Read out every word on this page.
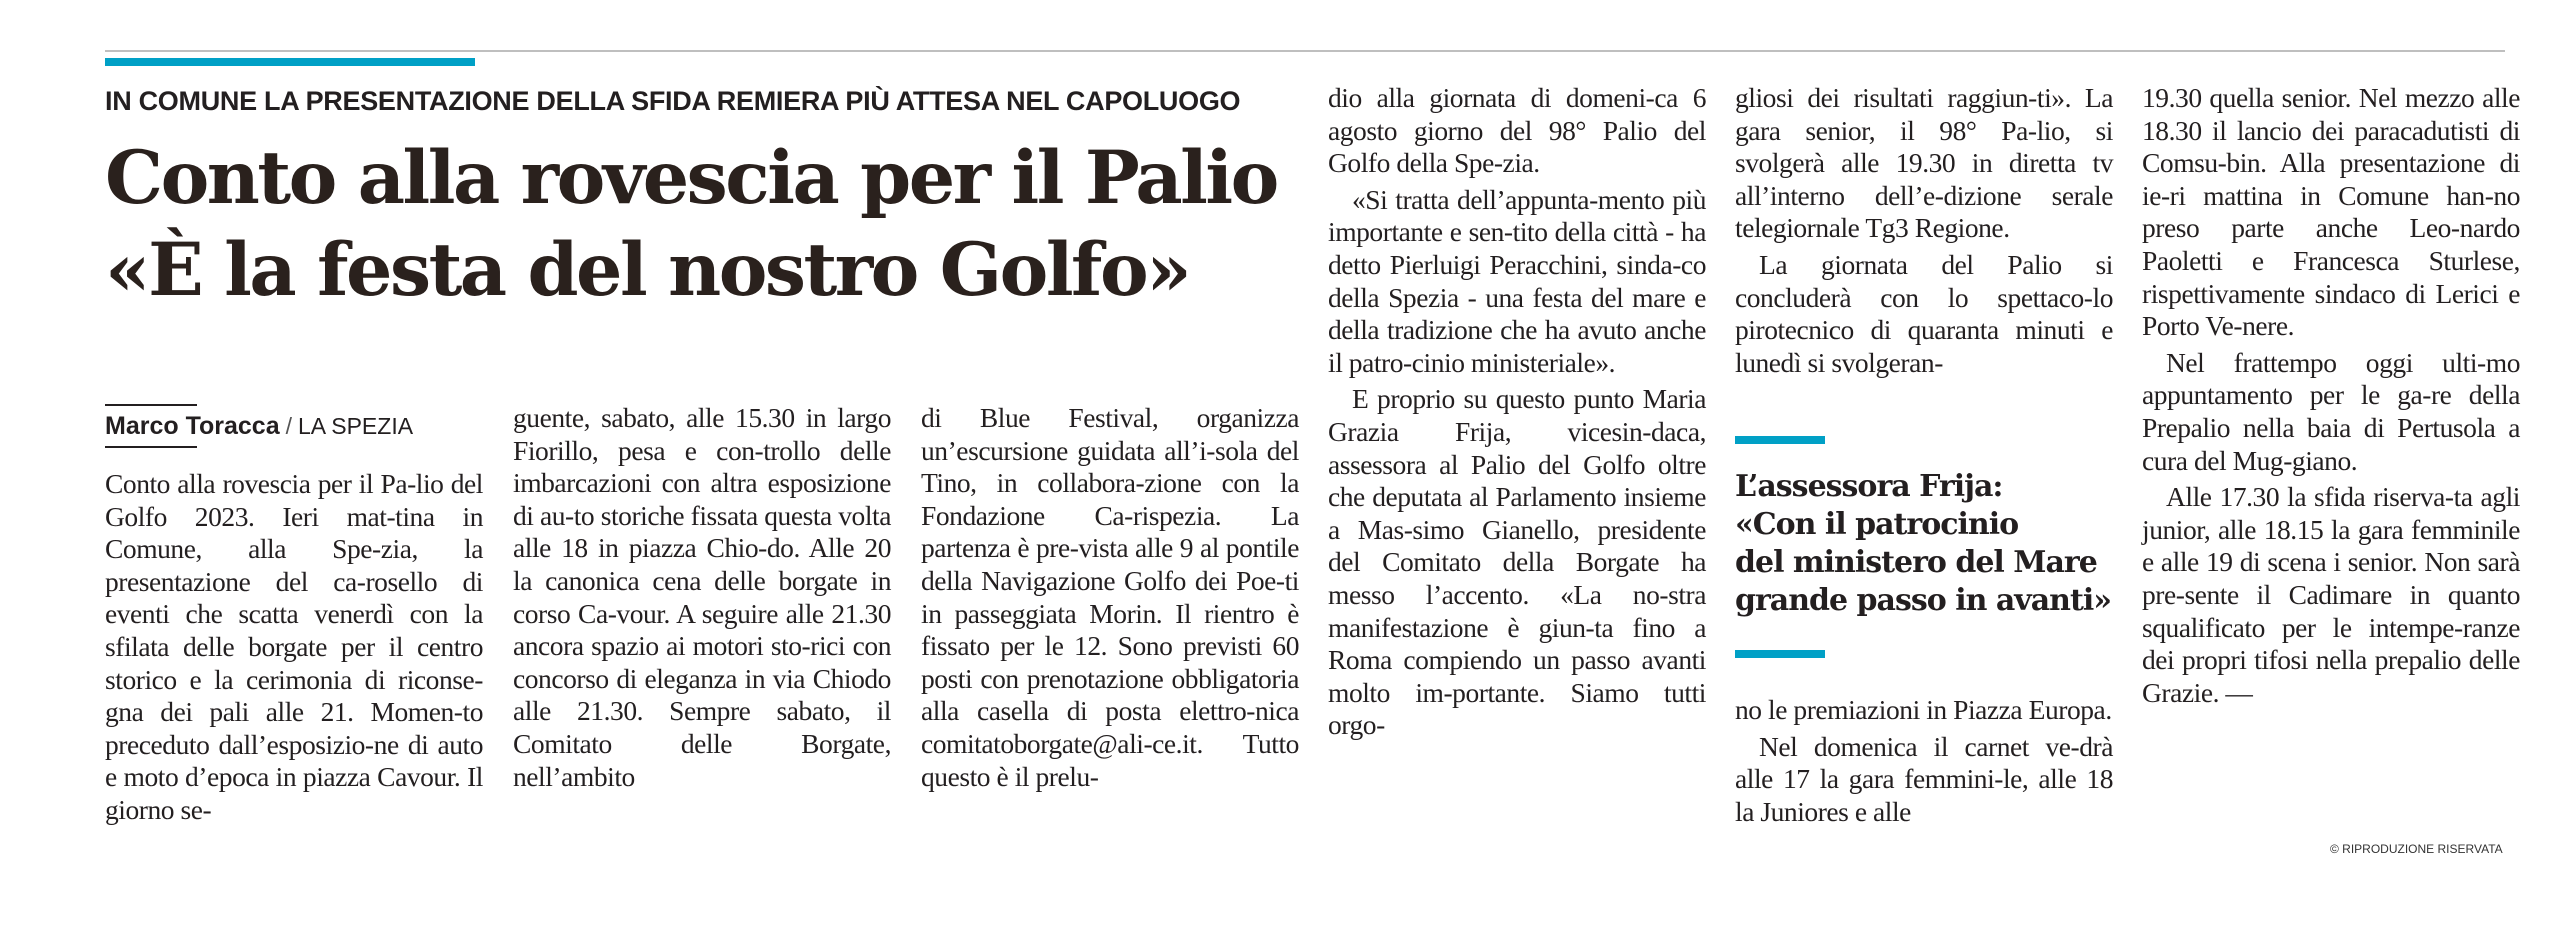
IN COMUNE LA PRESENTAZIONE DELLA SFIDA REMIERA PIÙ ATTESA NEL CAPOLUOGO
Conto alla rovescia per il Palio
«È la festa del nostro Golfo»
Marco Toracca / LA SPEZIA

Conto alla rovescia per il Pa-lio del Golfo 2023. Ieri mat-tina in Comune, alla Spe-zia, la presentazione del ca-rosello di eventi che scatta venerdì con la sfilata delle borgate per il centro storico e la cerimonia di riconse-gna dei pali alle 21. Momen-to preceduto dall’esposizio-ne di auto e moto d’epoca in piazza Cavour. Il giorno se-

guente, sabato, alle 15.30 in largo Fiorillo, pesa e con-trollo delle imbarcazioni con altra esposizione di au-to storiche fissata questa volta alle 18 in piazza Chio-do. Alle 20 la canonica cena delle borgate in corso Ca-vour. A seguire alle 21.30 ancora spazio ai motori sto-rici con concorso di eleganza in via Chiodo alle 21.30. Sempre sabato, il Comitato delle Borgate, nell’ambito

di Blue Festival, organizza un’escursione guidata all’i-sola del Tino, in collabora-zione con la Fondazione Ca-rispezia. La partenza è pre-vista alle 9 al pontile della Navigazione Golfo dei Poe-ti in passeggiata Morin. Il rientro è fissato per le 12. Sono previsti 60 posti con prenotazione obbligatoria alla casella di posta elettro-nica comitatoborgate@ali-ce.it. Tutto questo è il prelu-

dio alla giornata di domeni-ca 6 agosto giorno del 98° Palio del Golfo della Spe-zia.

«Si tratta dell’appunta-mento più importante e sen-tito della città - ha detto Pierluigi Peracchini, sinda-co della Spezia - una festa del mare e della tradizione che ha avuto anche il patro-cinio ministeriale».

E proprio su questo punto Maria Grazia Frija, vicesin-daca, assessora al Palio del Golfo oltre che deputata al Parlamento insieme a Mas-simo Gianello, presidente del Comitato della Borgate ha messo l’accento. «La no-stra manifestazione è giun-ta fino a Roma compiendo un passo avanti molto im-portante. Siamo tutti orgo-

gliosi dei risultati raggiun-ti». La gara senior, il 98° Pa-lio, si svolgerà alle 19.30 in diretta tv all’interno dell’e-dizione serale telegiornale Tg3 Regione.

La giornata del Palio si concluderà con lo spettaco-lo pirotecnico di quaranta minuti e lunedì si svolgeran-

L’assessora Frija:
«Con il patrocinio
del ministero del Mare
grande passo in avanti»

no le premiazioni in Piazza Europa.

Nel domenica il carnet ve-drà alle 17 la gara femmini-le, alle 18 la Juniores e alle

19.30 quella senior. Nel mezzo alle 18.30 il lancio dei paracadutisti di Comsu-bin. Alla presentazione di ie-ri mattina in Comune han-no preso parte anche Leo-nardo Paoletti e Francesca Sturlese, rispettivamente sindaco di Lerici e Porto Ve-nere.

Nel frattempo oggi ulti-mo appuntamento per le ga-re della Prepalio nella baia di Pertusola a cura del Mug-giano.

Alle 17.30 la sfida riserva-ta agli junior, alle 18.15 la gara femminile e alle 19 di scena i senior. Non sarà pre-sente il Cadimare in quanto squalificato per le intempe-ranze dei propri tifosi nella prepalio delle Grazie. —

© RIPRODUZIONE RISERVATA
